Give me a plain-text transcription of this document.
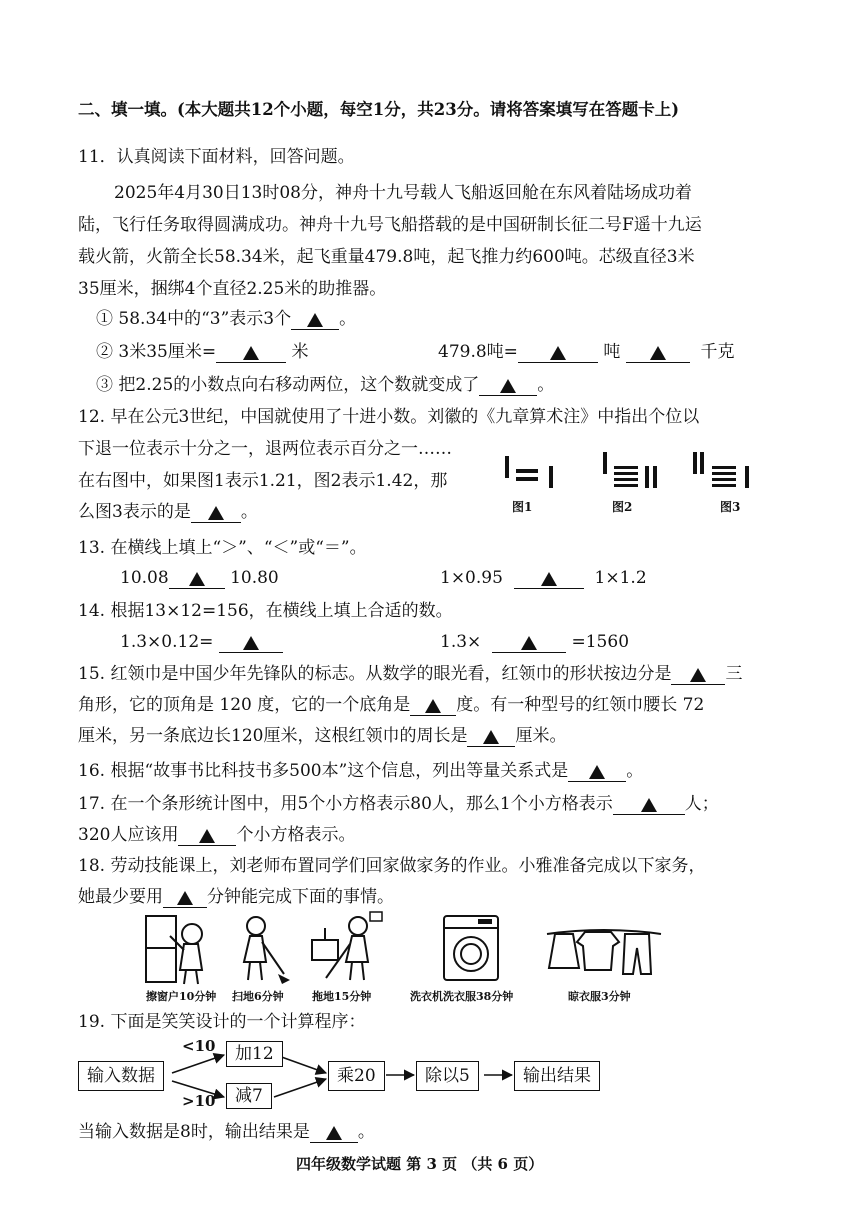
二、填一填。(本大题共12个小题，每空1分，共23分。请将答案填写在答题卡上)
11．认真阅读下面材料，回答问题。
2025年4月30日13时08分，神舟十九号载人飞船返回舱在东风着陆场成功着
陆，飞行任务取得圆满成功。神舟十九号飞船搭载的是中国研制长征二号F遥十九运
载火箭，火箭全长58.34米，起飞重量479.8吨，起飞推力约600吨。芯级直径3米
35厘米，捆绑4个直径2.25米的助推器。
① 58.34中的“3”表示3个	。
② 3米35厘米=	米	479.8吨=	吨	千克
③ 把2.25的小数点向右移动两位，这个数就变成了	。
12. 早在公元3世纪，中国就使用了十进小数。刘徽的《九章算术注》中指出个位以
下退一位表示十分之一，退两位表示百分之一……
在右图中，如果图1表示1.21，图2表示1.42，那
么图3表示的是	。	图1	图2	图3
13. 在横线上填上“＞”、“＜”或“＝”。
10.08	10.80	1×0.95	1×1.2
14. 根据13×12=156，在横线上填上合适的数。
1.3×0.12=	1.3×	=1560
15. 红领巾是中国少年先锋队的标志。从数学的眼光看，红领巾的形状按边分是	三
角形，它的顶角是 120 度，它的一个底角是	度。有一种型号的红领巾腰长 72
厘米，另一条底边长120厘米，这根红领巾的周长是	厘米。
16. 根据“故事书比科技书多500本”这个信息，列出等量关系式是	。
17. 在一个条形统计图中，用5个小方格表示80人，那么1个小方格表示	人；
320人应该用	个小方格表示。
18. 劳动技能课上，刘老师布置同学们回家做家务的作业。小雅准备完成以下家务，
她最少要用	分钟能完成下面的事情。
擦窗户10分钟 扫地6分钟	拖地15分钟	洗衣机洗衣服38分钟	晾衣服3分钟
19. 下面是笑笑设计的一个计算程序：
输入数据
<10
>10
加12
减7
乘20	除以5	输出结果
当输入数据是8时，输出结果是	。
四年级数学试题 第 3 页 （共 6 页）
